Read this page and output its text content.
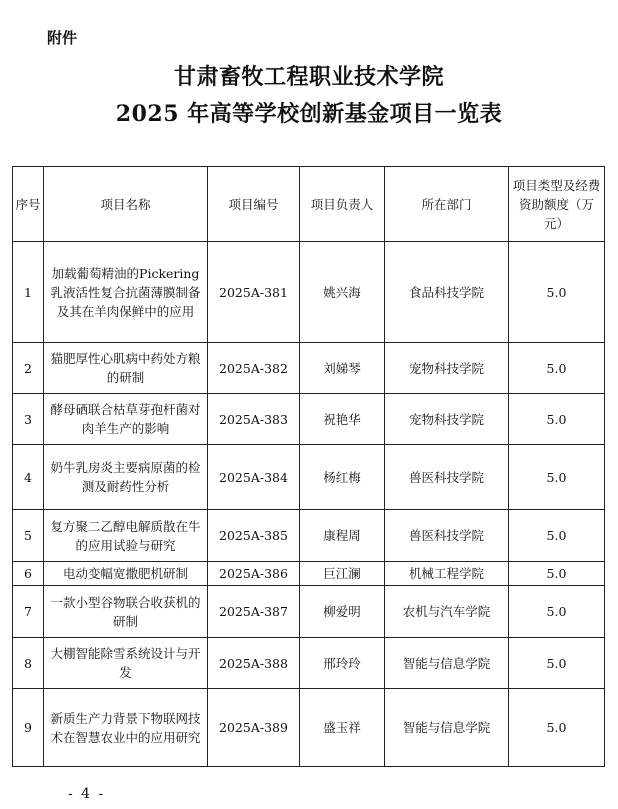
附件
甘肃畜牧工程职业技术学院
2025 年高等学校创新基金项目一览表
序号	项目名称	项目编号	项目负责人	所在部门	项目类型及经费资助额度（万元）
1	加载葡萄精油的Pickering乳液活性复合抗菌薄膜制备及其在羊肉保鲜中的应用	2025A-381	姚兴海	食品科技学院	5.0
2	猫肥厚性心肌病中药处方粮的研制	2025A-382	刘娣琴	宠物科技学院	5.0
3	酵母硒联合枯草芽孢杆菌对肉羊生产的影响	2025A-383	祝艳华	宠物科技学院	5.0
4	奶牛乳房炎主要病原菌的检测及耐药性分析	2025A-384	杨红梅	兽医科技学院	5.0
5	复方聚二乙醇电解质散在牛的应用试验与研究	2025A-385	康程周	兽医科技学院	5.0
6	电动变幅宽撒肥机研制	2025A-386	巨江澜	机械工程学院	5.0
7	一款小型谷物联合收获机的研制	2025A-387	柳爱明	农机与汽车学院	5.0
8	大棚智能除雪系统设计与开发	2025A-388	邢玲玲	智能与信息学院	5.0
9	新质生产力背景下物联网技术在智慧农业中的应用研究	2025A-389	盛玉祥	智能与信息学院	5.0
- 4 -
